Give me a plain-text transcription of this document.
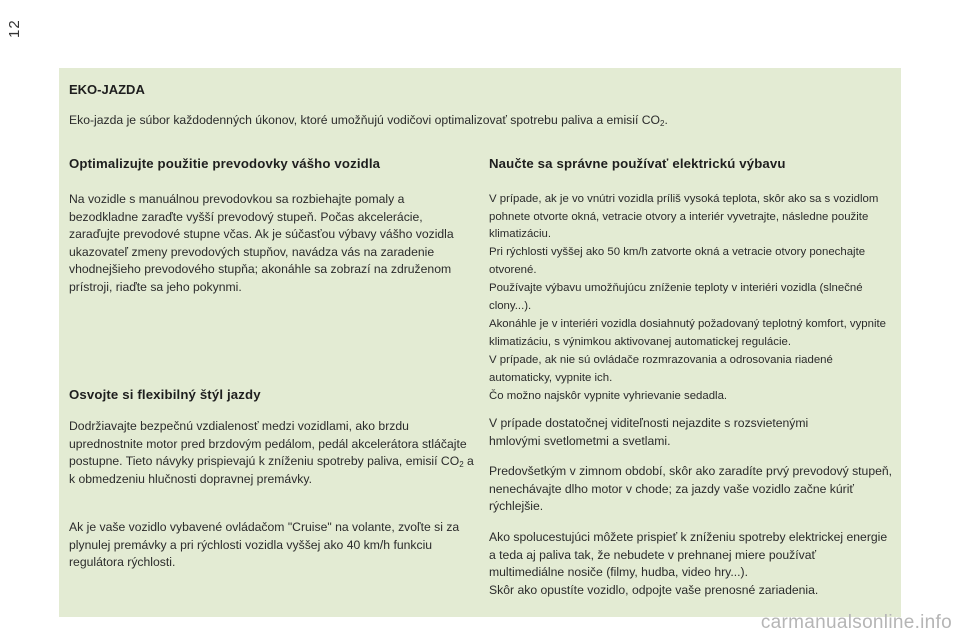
12
EKO-JAZDA

Eko-jazda je súbor každodenných úkonov, ktoré umožňujú vodičovi optimalizovať spotrebu paliva a emisií $CO_2$.

Optimalizujte použitie prevodovky vášho vozidla

Na vozidle s manuálnou prevodovkou sa rozbiehajte pomaly a bezodkladne zaraďte vyšší prevodový stupeň. Počas akcelerácie, zaraďujte prevodové stupne včas. Ak je súčasťou výbavy vášho vozidla ukazovateľ zmeny prevodových stupňov, navádza vás na zaradenie vhodnejšieho prevodového stupňa; akonáhle sa zobrazí na združenom prístroji, riaďte sa jeho pokynmi.

Osvojte si flexibilný štýl jazdy

Dodržiavajte bezpečnú vzdialenosť medzi vozidlami, ako brzdu uprednostnite motor pred brzdovým pedálom, pedál akcelerátora stláčajte postupne. Tieto návyky prispievajú k zníženiu spotreby paliva, emisií $CO_2$ a k obmedzeniu hlučnosti dopravnej premávky.

Ak je vaše vozidlo vybavené ovládačom "Cruise" na volante, zvoľte si za plynulej premávky a pri rýchlosti vozidla vyššej ako 40 km/h funkciu regulátora rýchlosti.

Naučte sa správne používať elektrickú výbavu

V prípade, ak je vo vnútri vozidla príliš vysoká teplota, skôr ako sa s vozidlom pohnete otvorte okná, vetracie otvory a interiér vyvetrajte, následne použite klimatizáciu.

Pri rýchlosti vyššej ako 50 km/h zatvorte okná a vetracie otvory ponechajte otvorené.

Používajte výbavu umožňujúcu zníženie teploty v interiéri vozidla (slnečné clony...).

Akonáhle je v interiéri vozidla dosiahnutý požadovaný teplotný komfort, vypnite klimatizáciu, s výnimkou aktivovanej automatickej regulácie.

V prípade, ak nie sú ovládače rozmrazovania a odrosovania riadené automaticky, vypnite ich.

Čo možno najskôr vypnite vyhrievanie sedadla.

V prípade dostatočnej viditeľnosti nejazdite s rozsvietenými hmlovými svetlometmi a svetlami.

Predovšetkým v zimnom období, skôr ako zaradíte prvý prevodový stupeň, nenechávajte dlho motor v chode; za jazdy vaše vozidlo začne kúriť rýchlejšie.

Ako spolucestujúci môžete prispieť k zníženiu spotreby elektrickej energie a teda aj paliva tak, že nebudete v prehnanej miere používať multimediálne nosiče (filmy, hudba, video hry...).

Skôr ako opustíte vozidlo, odpojte vaše prenosné zariadenia.

carmanualsonline.info
